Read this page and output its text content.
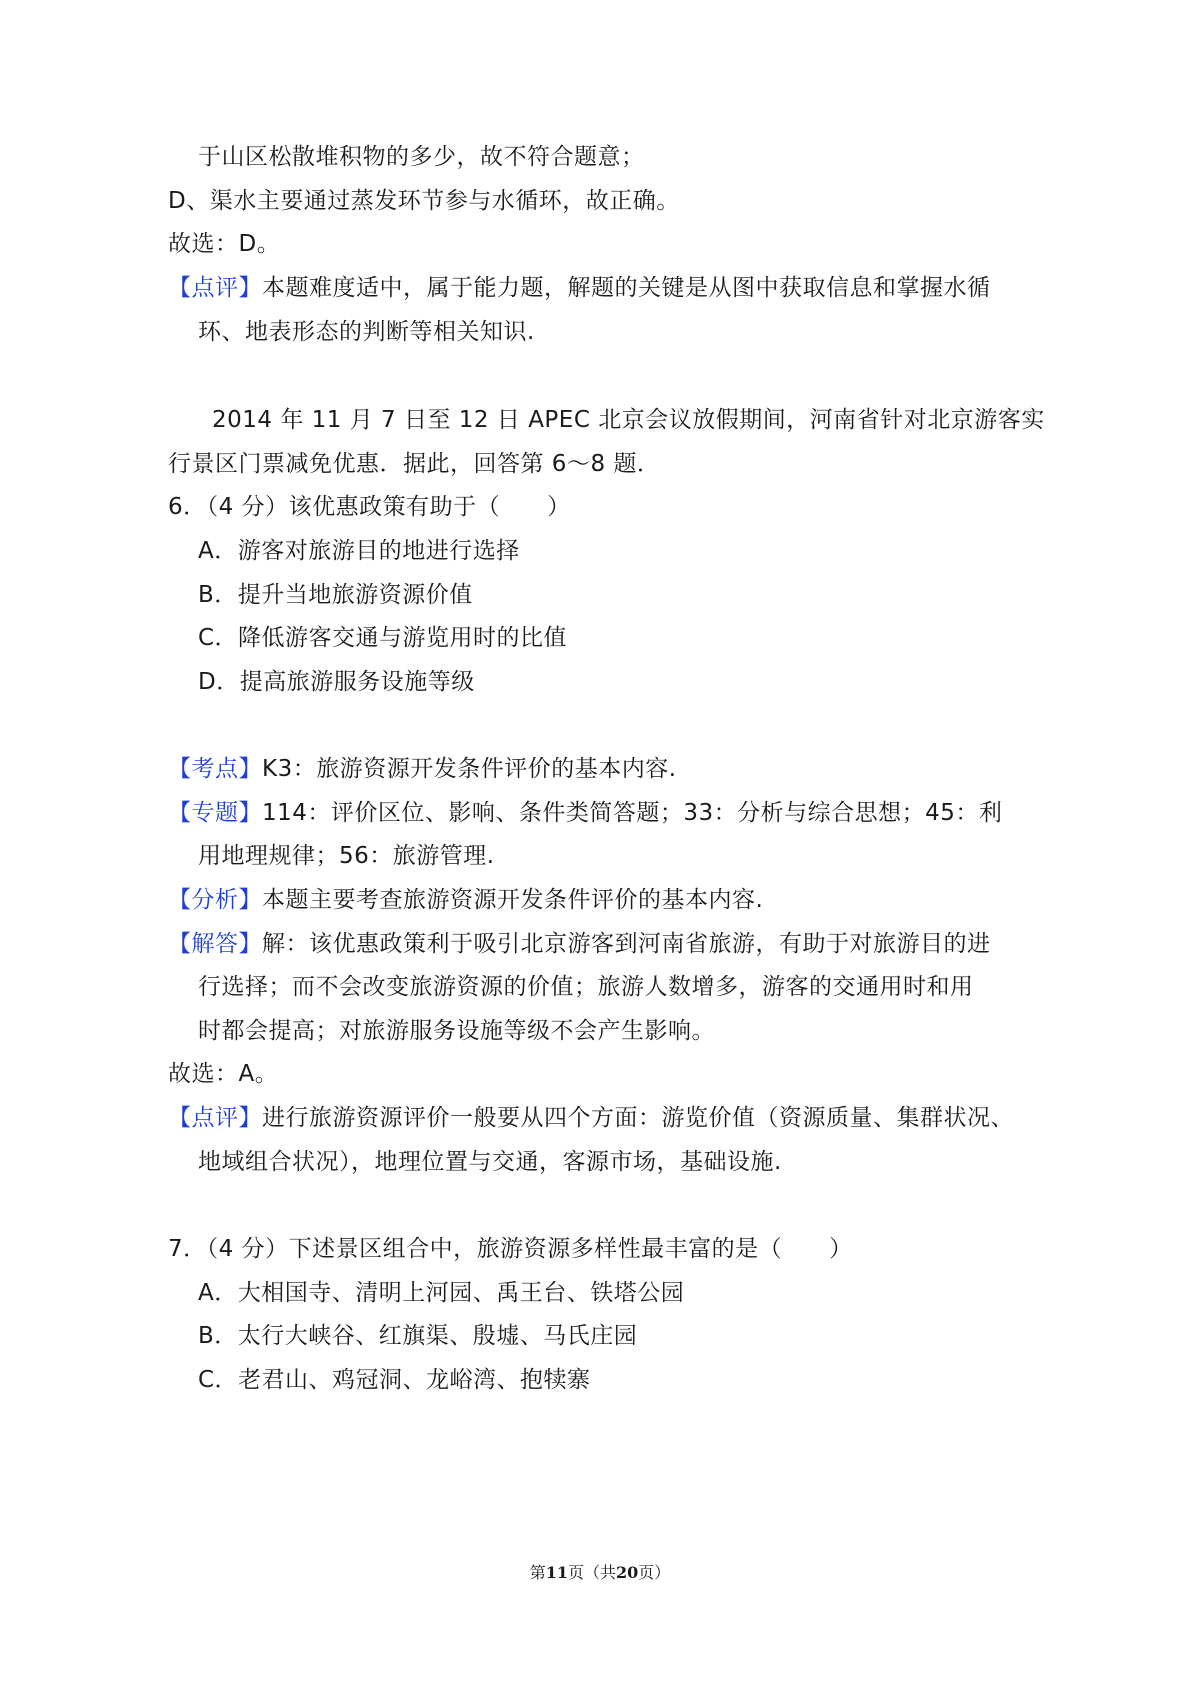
于山区松散堆积物的多少，故不符合题意；
D、渠水主要通过蒸发环节参与水循环，故正确。
故选：D。
【点评】本题难度适中，属于能力题，解题的关键是从图中获取信息和掌握水循
环、地表形态的判断等相关知识.
2014 年 11 月 7 日至 12 日 APEC 北京会议放假期间，河南省针对北京游客实
行景区门票减免优惠．据此，回答第 6～8 题．
6．（4 分）该优惠政策有助于（　　）
A．游客对旅游目的地进行选择
B．提升当地旅游资源价值
C．降低游客交通与游览用时的比值
D．提高旅游服务设施等级
【考点】K3：旅游资源开发条件评价的基本内容.
【专题】114：评价区位、影响、条件类简答题；33：分析与综合思想；45：利
用地理规律；56：旅游管理.
【分析】本题主要考查旅游资源开发条件评价的基本内容.
【解答】解：该优惠政策利于吸引北京游客到河南省旅游，有助于对旅游目的进
行选择；而不会改变旅游资源的价值；旅游人数增多，游客的交通用时和用
时都会提高；对旅游服务设施等级不会产生影响。
故选：A。
【点评】进行旅游资源评价一般要从四个方面：游览价值（资源质量、集群状况、
地域组合状况），地理位置与交通，客源市场，基础设施.
7．（4 分）下述景区组合中，旅游资源多样性最丰富的是（　　）
A．大相国寺、清明上河园、禹王台、铁塔公园
B．太行大峡谷、红旗渠、殷墟、马氏庄园
C．老君山、鸡冠洞、龙峪湾、抱犊寨
第11页（共20页）
